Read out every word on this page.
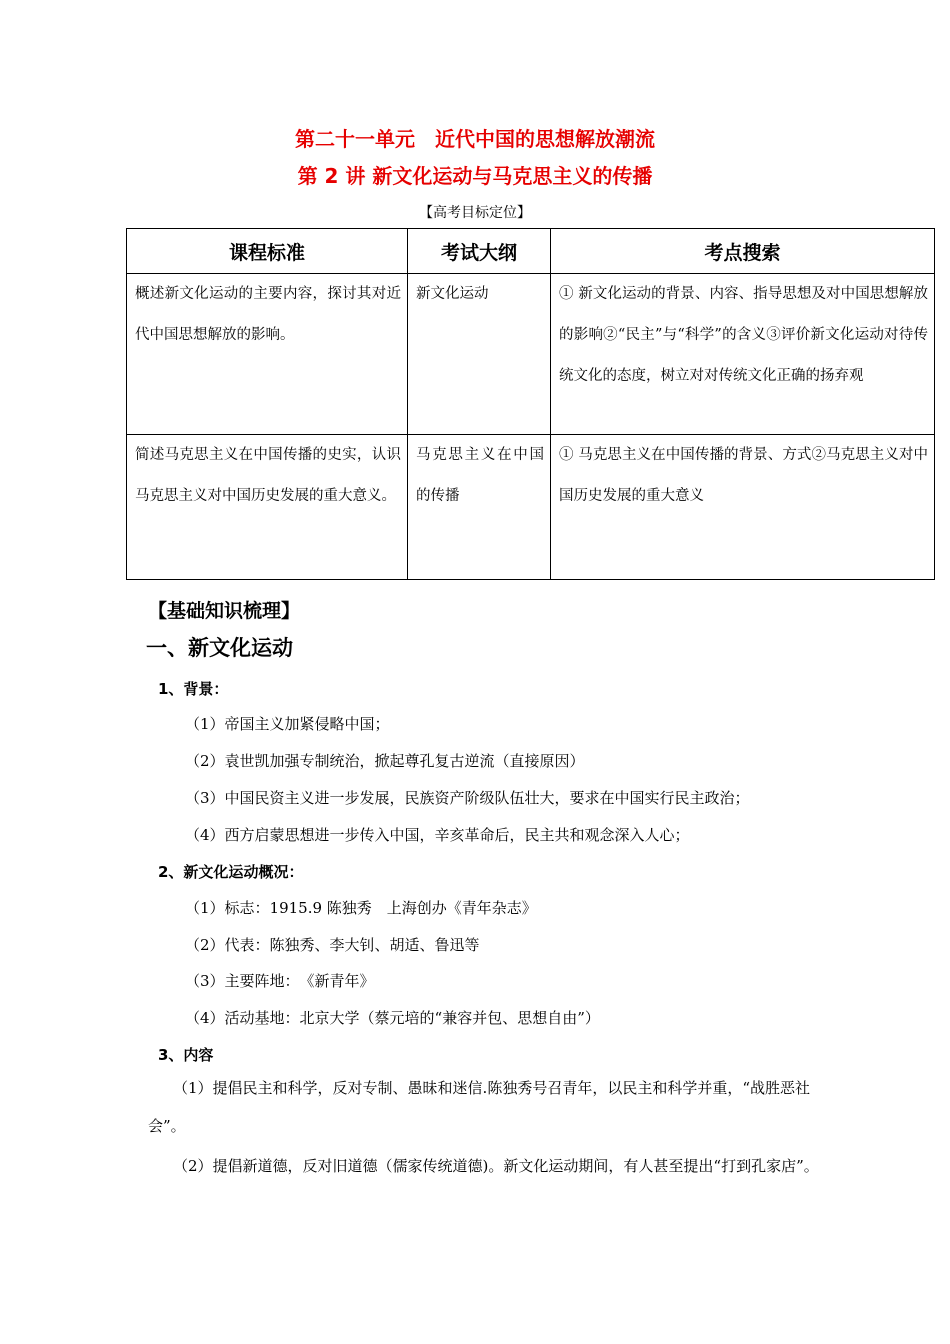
第二十一单元　近代中国的思想解放潮流
第 2 讲 新文化运动与马克思主义的传播
【高考目标定位】
课程标准	考试大纲	考点搜索
概述新文化运动的主要内容，探讨其对近代中国思想解放的影响。	新文化运动	① 新文化运动的背景、内容、指导思想及对中国思想解放的影响②“民主”与“科学”的含义③评价新文化运动对待传统文化的态度，树立对对传统文化正确的扬弃观
简述马克思主义在中国传播的史实，认识马克思主义对中国历史发展的重大意义。	马克思主义在中国的传播	① 马克思主义在中国传播的背景、方式②马克思主义对中国历史发展的重大意义
【基础知识梳理】
一、新文化运动
1、背景：
（1）帝国主义加紧侵略中国；
（2）袁世凯加强专制统治，掀起尊孔复古逆流（直接原因）
（3）中国民资主义进一步发展，民族资产阶级队伍壮大，要求在中国实行民主政治；
（4）西方启蒙思想进一步传入中国，辛亥革命后，民主共和观念深入人心；
2、新文化运动概况：
（1）标志：1915.9 陈独秀　上海创办《青年杂志》
（2）代表：陈独秀、李大钊、胡适、鲁迅等
（3）主要阵地：　《新青年》
（4）活动基地：北京大学（蔡元培的“兼容并包、思想自由”）
3、内容
（1）提倡民主和科学，反对专制、愚昧和迷信.陈独秀号召青年，以民主和科学并重，“战胜恶社会”。
（2）提倡新道德，反对旧道德（儒家传统道德)。新文化运动期间，有人甚至提出“打到孔家店”。
